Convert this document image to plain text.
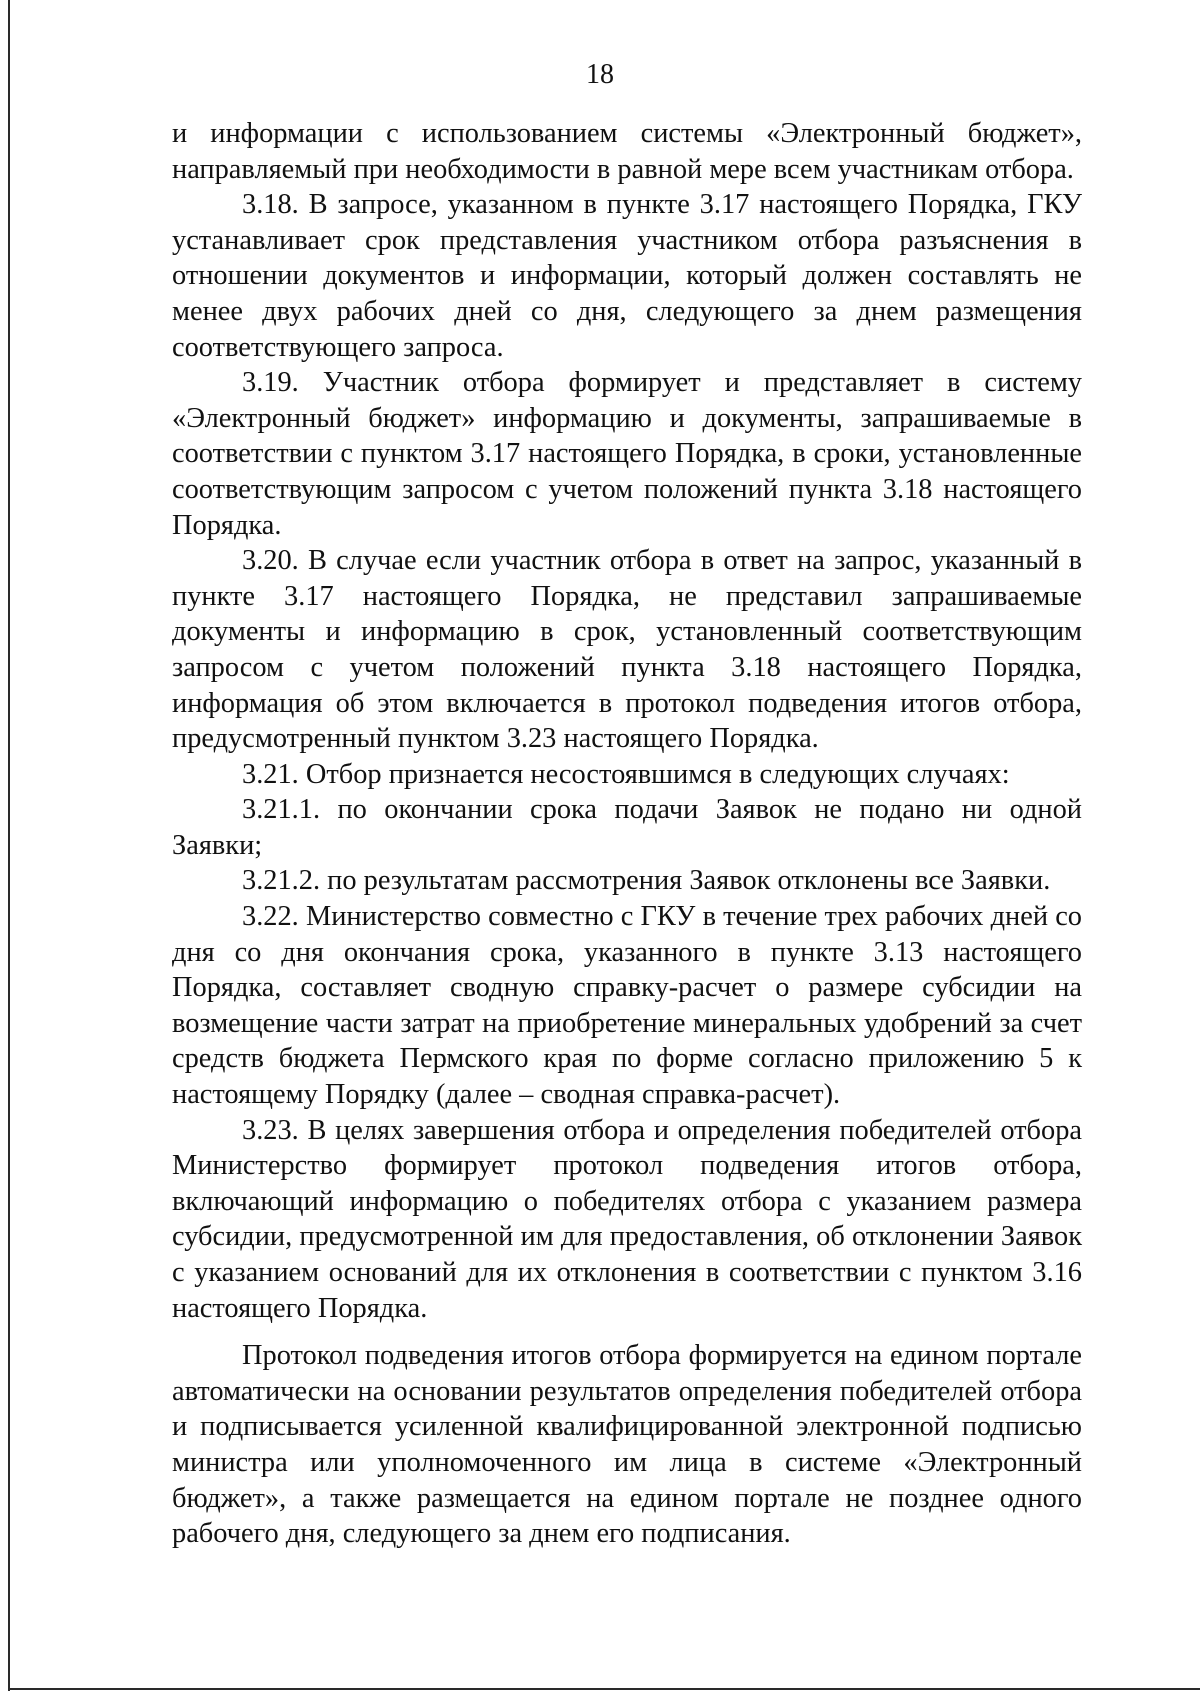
18

и информации с использованием системы «Электронный бюджет», направляемый при необходимости в равной мере всем участникам отбора.

3.18. В запросе, указанном в пункте 3.17 настоящего Порядка, ГКУ устанавливает срок представления участником отбора разъяснения в отношении документов и информации, который должен составлять не менее двух рабочих дней со дня, следующего за днем размещения соответствующего запроса.

3.19. Участник отбора формирует и представляет в систему «Электронный бюджет» информацию и документы, запрашиваемые в соответствии с пунктом 3.17 настоящего Порядка, в сроки, установленные соответствующим запросом с учетом положений пункта 3.18 настоящего Порядка.

3.20. В случае если участник отбора в ответ на запрос, указанный в пункте 3.17 настоящего Порядка, не представил запрашиваемые документы и информацию в срок, установленный соответствующим запросом с учетом положений пункта 3.18 настоящего Порядка, информация об этом включается в протокол подведения итогов отбора, предусмотренный пунктом 3.23 настоящего Порядка.

3.21. Отбор признается несостоявшимся в следующих случаях:

3.21.1. по окончании срока подачи Заявок не подано ни одной Заявки;

3.21.2. по результатам рассмотрения Заявок отклонены все Заявки.

3.22. Министерство совместно с ГКУ в течение трех рабочих дней со дня со дня окончания срока, указанного в пункте 3.13 настоящего Порядка, составляет сводную справку-расчет о размере субсидии на возмещение части затрат на приобретение минеральных удобрений за счет средств бюджета Пермского края по форме согласно приложению 5 к настоящему Порядку (далее – сводная справка-расчет).

3.23. В целях завершения отбора и определения победителей отбора Министерство формирует протокол подведения итогов отбора, включающий информацию о победителях отбора с указанием размера субсидии, предусмотренной им для предоставления, об отклонении Заявок с указанием оснований для их отклонения в соответствии с пунктом 3.16 настоящего Порядка.

Протокол подведения итогов отбора формируется на едином портале автоматически на основании результатов определения победителей отбора и подписывается усиленной квалифицированной электронной подписью министра или уполномоченного им лица в системе «Электронный бюджет», а также размещается на едином портале не позднее одного рабочего дня, следующего за днем его подписания.
